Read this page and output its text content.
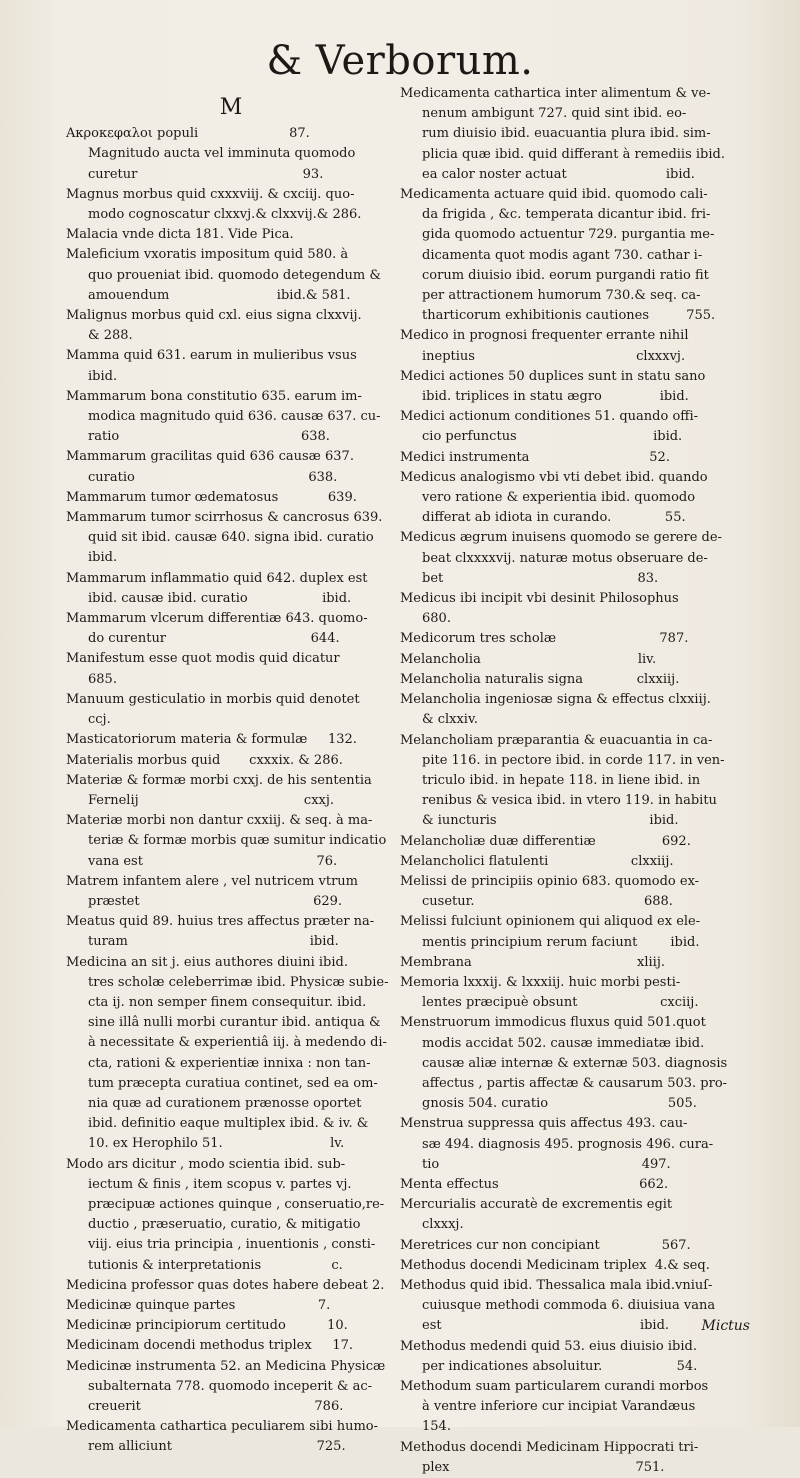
& Verborum.
M
Ακροκεφαλοι populi                      87.
Magnitudo aucta vel imminuta quomodo
curetur                                        93.
Magnus morbus quid cxxxviij. & cxciij. quo-
modo cognoscatur clxxvj.& clxxvij.& 286.
Malacia vnde dicta 181. Vide Pica.
Maleficium vxoratis impositum quid 580. à
quo proueniat ibid. quomodo detegendum &
amouendum                          ibid.& 581.
Malignus morbus quid cxl. eius signa clxxvij.
& 288.
Mamma quid 631. earum in mulieribus vsus
ibid.
Mammarum bona constitutio 635. earum im-
modica magnitudo quid 636. causæ 637. cu-
ratio                                            638.
Mammarum gracilitas quid 636 causæ 637.
curatio                                          638.
Mammarum tumor œdematosus            639.
Mammarum tumor scirrhosus & cancrosus 639.
quid sit ibid. causæ 640. signa ibid. curatio
ibid.
Mammarum inflammatio quid 642. duplex est
ibid. causæ ibid. curatio                  ibid.
Mammarum vlcerum differentiæ 643. quomo-
do curentur                                   644.
Manifestum esse quot modis quid dicatur
685.
Manuum gesticulatio in morbis quid denotet
ccj.
Masticatoriorum materia & formulæ     132.
Materialis morbus quid       cxxxix. & 286.
Materiæ & formæ morbi cxxj. de his sententia
Fernelij                                        cxxj.
Materiæ morbi non dantur cxxiij. & seq. à ma-
teriæ & formæ morbis quæ sumitur indicatio
vana est                                          76.
Matrem infantem alere , vel nutricem vtrum
præstet                                          629.
Meatus quid 89. huius tres affectus præter na-
turam                                            ibid.
Medicina an sit j. eius authores diuini ibid.
tres scholæ celeberrimæ ibid. Physicæ subie-
cta ij. non semper finem consequitur. ibid.
sine illâ nulli morbi curantur ibid. antiqua &
à necessitate & experientiâ iij. à medendo di-
cta, rationi & experientiæ innixa : non tan-
tum præcepta curatiua continet, sed ea om-
nia quæ ad curationem prænosse oportet
ibid. definitio eaque multiplex ibid. & iv. &
10. ex Herophilo 51.                          lv.
Modo ars dicitur , modo scientia ibid. sub-
iectum & finis , item scopus v. partes vj.
præcipuæ actiones quinque , conseruatio,re-
ductio , præseruatio, curatio, & mitigatio
viij. eius tria principia , inuentionis , consti-
tutionis & interpretationis                 c.
Medicina professor quas dotes habere debeat 2.
Medicinæ quinque partes                    7.
Medicinæ principiorum certitudo          10.
Medicinam docendi methodus triplex     17.
Medicinæ instrumenta 52. an Medicina Physicæ
subalternata 778. quomodo inceperit & ac-
creuerit                                          786.
Medicamenta cathartica peculiarem sibi humo-
rem alliciunt                                   725.
Medicamenta cathartica inter alimentum & ve-
nenum ambigunt 727. quid sint ibid. eo-
rum diuisio ibid. euacuantia plura ibid. sim-
plicia quæ ibid. quid differant à remediis ibid.
ea calor noster actuat                        ibid.
Medicamenta actuare quid ibid. quomodo cali-
da frigida , &c. temperata dicantur ibid. fri-
gida quomodo actuentur 729. purgantia me-
dicamenta quot modis agant 730. cathar i-
corum diuisio ibid. eorum purgandi ratio fit
per attractionem humorum 730.& seq. ca-
tharticorum exhibitionis cautiones         755.
Medico in prognosi frequenter errante nihil
ineptius                                       clxxxvj.
Medici actiones 50 duplices sunt in statu sano
ibid. triplices in statu ægro              ibid.
Medici actionum conditiones 51. quando offi-
cio perfunctus                                 ibid.
Medici instrumenta                             52.
Medicus analogismo vbi vti debet ibid. quando
vero ratione & experientia ibid. quomodo
differat ab idiota in curando.             55.
Medicus ægrum inuisens quomodo se gerere de-
beat clxxxxvij. naturæ motus obseruare de-
bet                                               83.
Medicus ibi incipit vbi desinit Philosophus
680.
Medicorum tres scholæ                         787.
Melancholia                                      liv.
Melancholia naturalis signa             clxxiij.
Melancholia ingeniosæ signa & effectus clxxiij.
& clxxiv.
Melancholiam præparantia & euacuantia in ca-
pite 116. in pectore ibid. in corde 117. in ven-
triculo ibid. in hepate 118. in liene ibid. in
renibus & vesica ibid. in vtero 119. in habitu
& iuncturis                                     ibid.
Melancholiæ duæ differentiæ                692.
Melancholici flatulenti                    clxxiij.
Melissi de principiis opinio 683. quomodo ex-
cusetur.                                         688.
Melissi fulciunt opinionem qui aliquod ex ele-
mentis principium rerum faciunt        ibid.
Membrana                                        xliij.
Memoria lxxxij. & lxxxiij. huic morbi pesti-
lentes præcipuè obsunt                    cxciij.
Menstruorum immodicus fluxus quid 501.quot
modis accidat 502. causæ immediatæ ibid.
causæ aliæ internæ & externæ 503. diagnosis
affectus , partis affectæ & causarum 503. pro-
gnosis 504. curatio                             505.
Menstrua suppressa quis affectus 493. cau-
sæ 494. diagnosis 495. prognosis 496. cura-
tio                                                 497.
Menta effectus                                  662.
Mercurialis accuratè de excrementis egit
clxxxj.
Meretrices cur non concipiant               567.
Methodus docendi Medicinam triplex  4.& seq.
Methodus quid ibid. Thessalica mala ibid.vniuſ-
cuiusque methodi commoda 6. diuisiua vana
est                                                ibid.
Methodus medendi quid 53. eius diuisio ibid.
per indicationes absoluitur.                  54.
Methodum suam particularem curandi morbos
à ventre inferiore cur incipiat Varandæus
154.
Methodus docendi Medicinam Hippocrati tri-
plex                                             751.
Mictus
